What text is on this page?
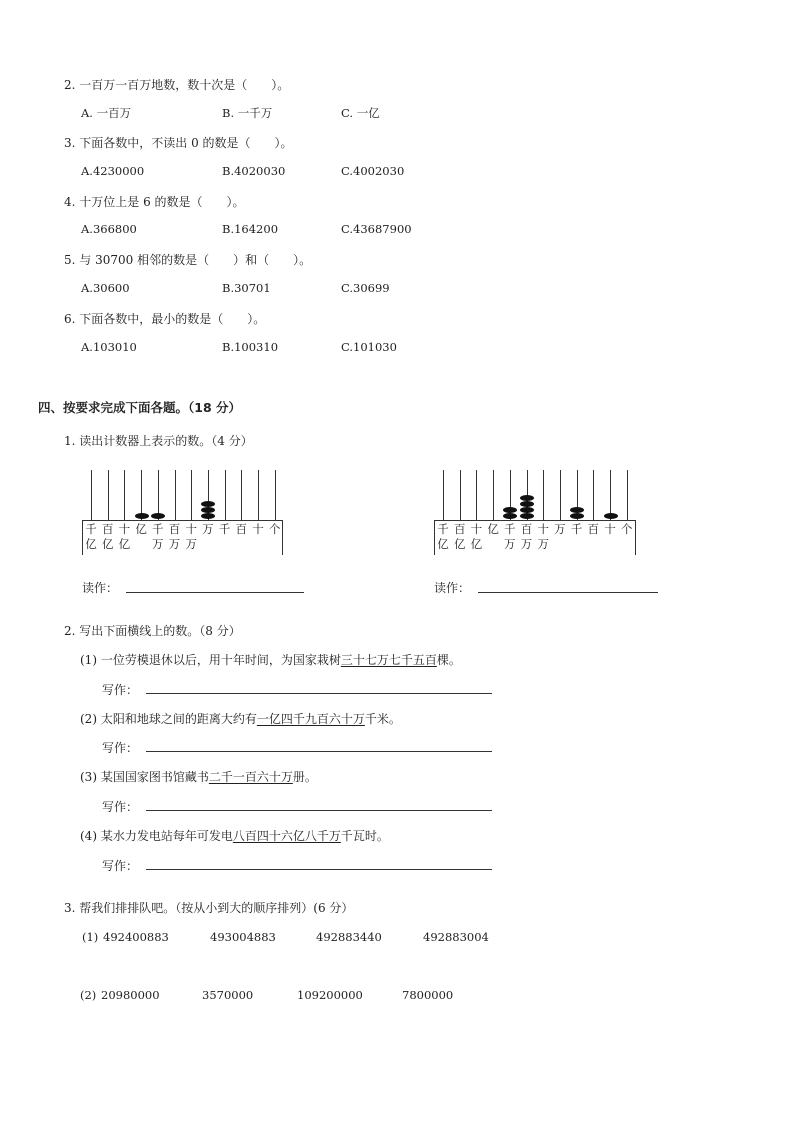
2. 一百万一百万地数，数十次是（　　）。
A. 一百万	B. 一千万	C. 一亿
3. 下面各数中，不读出 0 的数是（　　）。
A.4230000	B.4020030	C.4002030
4. 十万位上是 6 的数是（　　）。
A.366800	B.164200	C.43687900
5. 与 30700 相邻的数是（　　）和（　　）。
A.30600	B.30701	C.30699
6. 下面各数中，最小的数是（　　）。
A.103010	B.100310	C.101030
四、按要求完成下面各题。（18 分）
1. 读出计数器上表示的数。（4 分）
千
亿
百
亿
十
亿
亿 千
万
百
万
十
万
万 千 百 十 个	千
亿
百
亿
十
亿
亿 千
万
百
万
十
万
万 千 百 十 个
读作：	读作：
2. 写出下面横线上的数。（8 分）
(1) 一位劳模退休以后，用十年时间，为国家栽树三十七万七千五百棵。
写作：
(2) 太阳和地球之间的距离大约有一亿四千九百六十万千米。
写作：
(3) 某国国家图书馆藏书二千一百六十万册。
写作：
(4) 某水力发电站每年可发电八百四十六亿八千万千瓦时。
写作：
3. 帮我们排排队吧。（按从小到大的顺序排列）(6 分）
(1) 492400883	493004883	492883440	492883004
(2) 20980000	3570000	109200000	7800000
